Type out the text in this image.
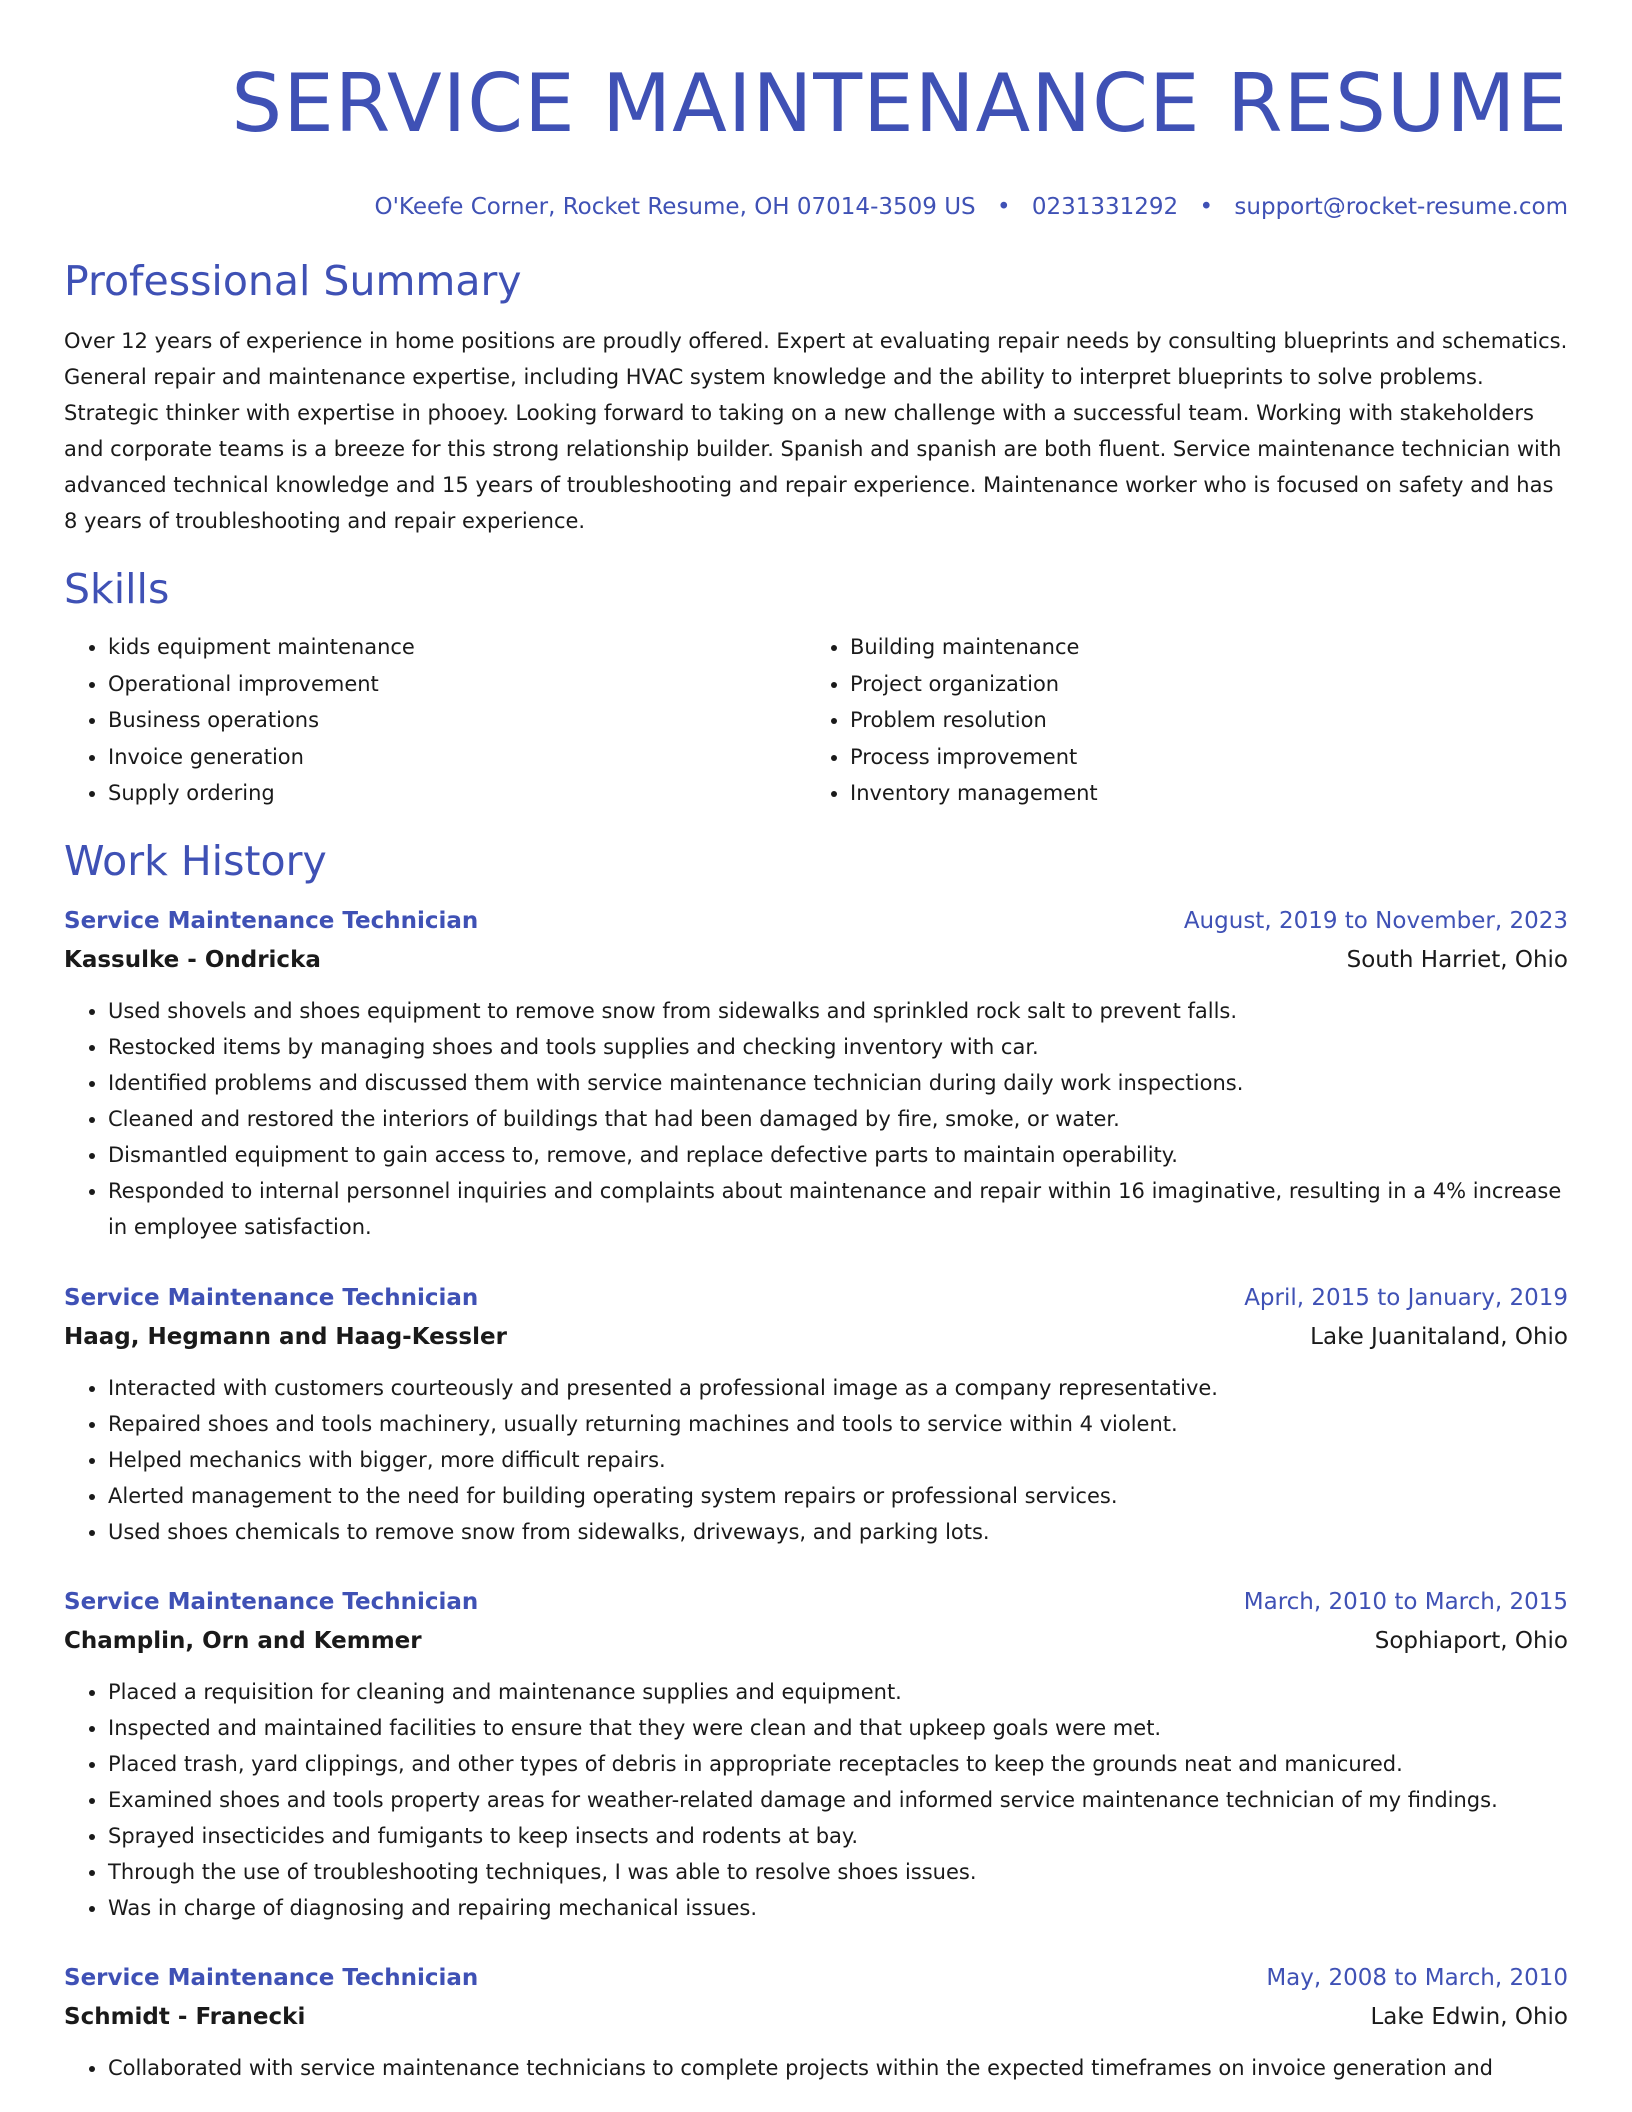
SERVICE MAINTENANCE RESUME
O'Keefe Corner, Rocket Resume, OH 07014-3509 US • 0231331292 • support@rocket-resume.com
Professional Summary

Over 12 years of experience in home positions are proudly offered. Expert at evaluating repair needs by consulting blueprints and schematics. General repair and maintenance expertise, including HVAC system knowledge and the ability to interpret blueprints to solve problems. Strategic thinker with expertise in phooey. Looking forward to taking on a new challenge with a successful team. Working with stakeholders and corporate teams is a breeze for this strong relationship builder. Spanish and spanish are both fluent. Service maintenance technician with advanced technical knowledge and 15 years of troubleshooting and repair experience. Maintenance worker who is focused on safety and has 8 years of troubleshooting and repair experience.

Skills
• kids equipment maintenance
• Operational improvement
• Business operations
• Invoice generation
• Supply ordering
• Building maintenance
• Project organization
• Problem resolution
• Process improvement
• Inventory management
Work History
Service Maintenance Technician	August, 2019 to November, 2023
Kassulke - Ondricka	South Harriet, Ohio
• Used shovels and shoes equipment to remove snow from sidewalks and sprinkled rock salt to prevent falls.
• Restocked items by managing shoes and tools supplies and checking inventory with car.
• Identified problems and discussed them with service maintenance technician during daily work inspections.
• Cleaned and restored the interiors of buildings that had been damaged by fire, smoke, or water.
• Dismantled equipment to gain access to, remove, and replace defective parts to maintain operability.
• Responded to internal personnel inquiries and complaints about maintenance and repair within 16 imaginative, resulting in a 4% increase in employee satisfaction.
Service Maintenance Technician	April, 2015 to January, 2019
Haag, Hegmann and Haag-Kessler	Lake Juanitaland, Ohio
• Interacted with customers courteously and presented a professional image as a company representative.
• Repaired shoes and tools machinery, usually returning machines and tools to service within 4 violent.
• Helped mechanics with bigger, more difficult repairs.
• Alerted management to the need for building operating system repairs or professional services.
• Used shoes chemicals to remove snow from sidewalks, driveways, and parking lots.
Service Maintenance Technician	March, 2010 to March, 2015
Champlin, Orn and Kemmer	Sophiaport, Ohio
• Placed a requisition for cleaning and maintenance supplies and equipment.
• Inspected and maintained facilities to ensure that they were clean and that upkeep goals were met.
• Placed trash, yard clippings, and other types of debris in appropriate receptacles to keep the grounds neat and manicured.
• Examined shoes and tools property areas for weather-related damage and informed service maintenance technician of my findings.
• Sprayed insecticides and fumigants to keep insects and rodents at bay.
• Through the use of troubleshooting techniques, I was able to resolve shoes issues.
• Was in charge of diagnosing and repairing mechanical issues.
Service Maintenance Technician	May, 2008 to March, 2010
Schmidt - Franecki	Lake Edwin, Ohio
• Collaborated with service maintenance technicians to complete projects within the expected timeframes on invoice generation and
